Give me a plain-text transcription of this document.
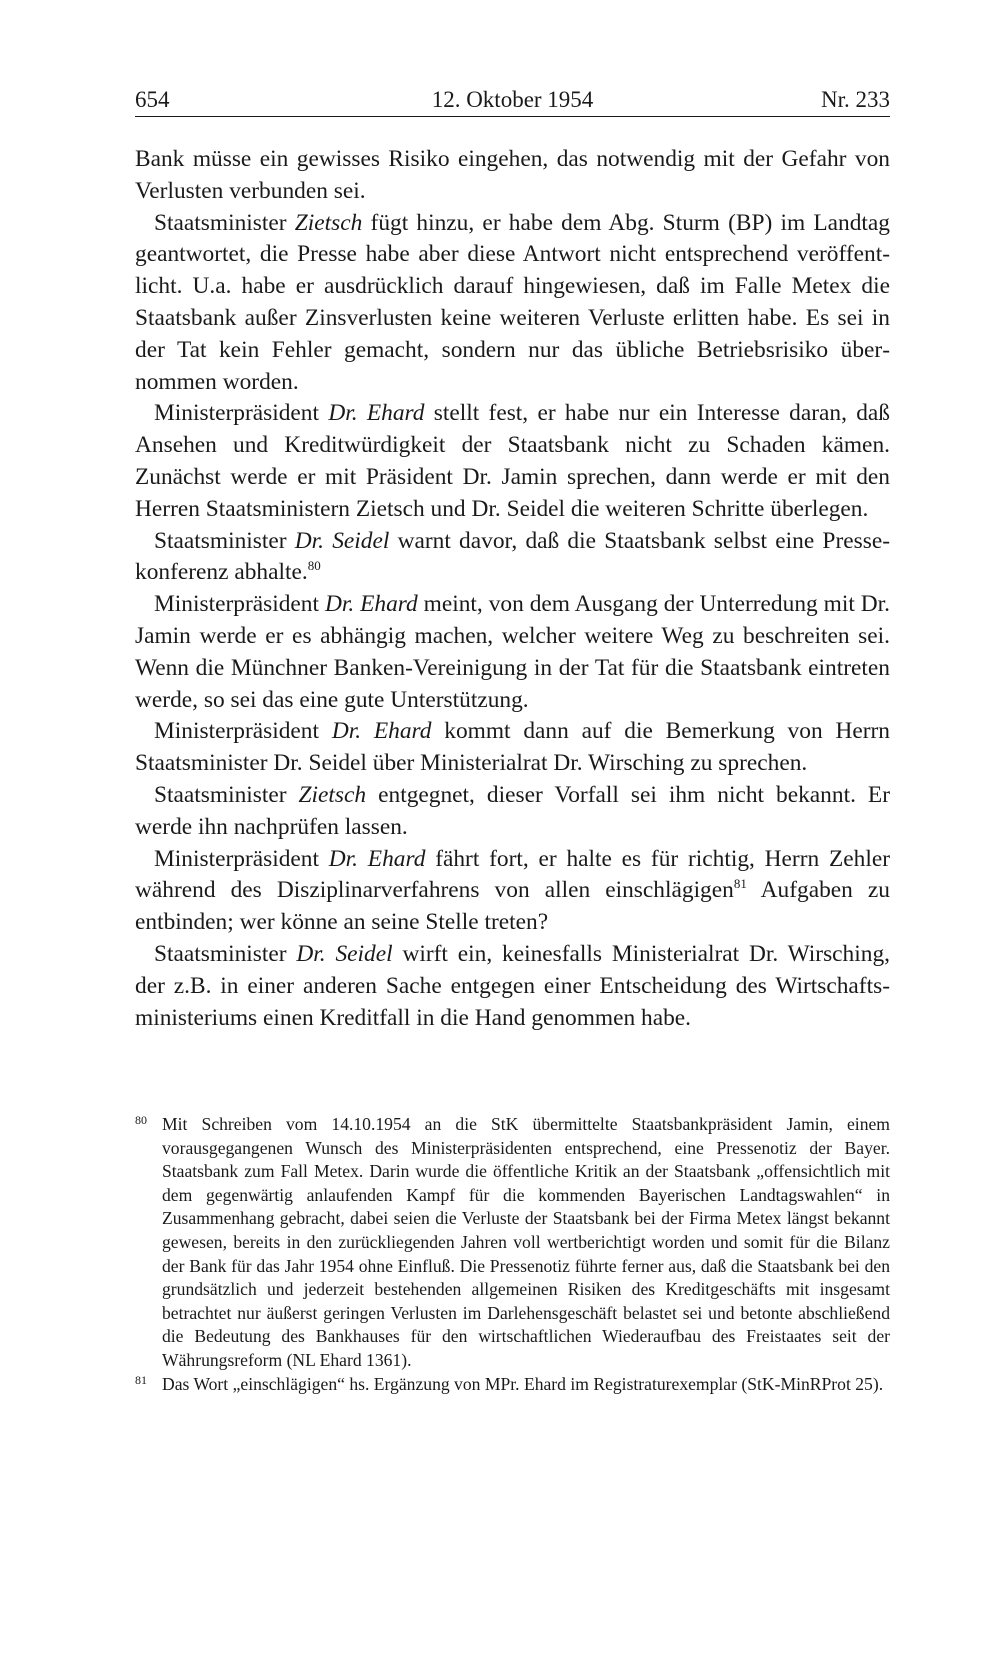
654	12. Oktober 1954	Nr. 233

Bank müsse ein gewisses Risiko eingehen, das notwendig mit der Gefahr von Verlusten verbunden sei.

Staatsminister Zietsch fügt hinzu, er habe dem Abg. Sturm (BP) im Landtag geantwortet, die Presse habe aber diese Antwort nicht entsprechend veröffentlicht. U.a. habe er ausdrücklich darauf hingewiesen, daß im Falle Metex die Staatsbank außer Zinsverlusten keine weiteren Verluste erlitten habe. Es sei in der Tat kein Fehler gemacht, sondern nur das übliche Betriebsrisiko übernommen worden.

Ministerpräsident Dr. Ehard stellt fest, er habe nur ein Interesse daran, daß Ansehen und Kreditwürdigkeit der Staatsbank nicht zu Schaden kämen. Zunächst werde er mit Präsident Dr. Jamin sprechen, dann werde er mit den Herren Staatsministern Zietsch und Dr. Seidel die weiteren Schritte überlegen.

Staatsminister Dr. Seidel warnt davor, daß die Staatsbank selbst eine Pressekonferenz abhalte.$^{80}$

Ministerpräsident Dr. Ehard meint, von dem Ausgang der Unterredung mit Dr. Jamin werde er es abhängig machen, welcher weitere Weg zu beschreiten sei. Wenn die Münchner Banken-Vereinigung in der Tat für die Staatsbank eintreten werde, so sei das eine gute Unterstützung.

Ministerpräsident Dr. Ehard kommt dann auf die Bemerkung von Herrn Staatsminister Dr. Seidel über Ministerialrat Dr. Wirsching zu sprechen.

Staatsminister Zietsch entgegnet, dieser Vorfall sei ihm nicht bekannt. Er werde ihn nachprüfen lassen.

Ministerpräsident Dr. Ehard fährt fort, er halte es für richtig, Herrn Zehler während des Disziplinarverfahrens von allen einschlägigen$^{81}$ Aufgaben zu entbinden; wer könne an seine Stelle treten?

Staatsminister Dr. Seidel wirft ein, keinesfalls Ministerialrat Dr. Wirsching, der z.B. in einer anderen Sache entgegen einer Entscheidung des Wirtschaftsministeriums einen Kreditfall in die Hand genommen habe.

80 Mit Schreiben vom 14.10.1954 an die StK übermittelte Staatsbankpräsident Jamin, einem vorausgegangenen Wunsch des Ministerpräsidenten entsprechend, eine Pressenotiz der Bayer. Staatsbank zum Fall Metex. Darin wurde die öffentliche Kritik an der Staatsbank „offensichtlich mit dem gegenwärtig anlaufenden Kampf für die kommenden Bayerischen Landtagswahlen“ in Zusammenhang gebracht, dabei seien die Verluste der Staatsbank bei der Firma Metex längst bekannt gewesen, bereits in den zurückliegenden Jahren voll wertberichtigt worden und somit für die Bilanz der Bank für das Jahr 1954 ohne Einfluß. Die Pressenotiz führte ferner aus, daß die Staatsbank bei den grundsätzlich und jederzeit bestehenden allgemeinen Risiken des Kreditgeschäfts mit insgesamt betrachtet nur äußerst geringen Verlusten im Darlehensgeschäft belastet sei und betonte abschließend die Bedeutung des Bankhauses für den wirtschaftlichen Wiederaufbau des Freistaates seit der Währungsreform (NL Ehard 1361).

81 Das Wort „einschlägigen“ hs. Ergänzung von MPr. Ehard im Registraturexemplar (StK-MinRProt 25).
